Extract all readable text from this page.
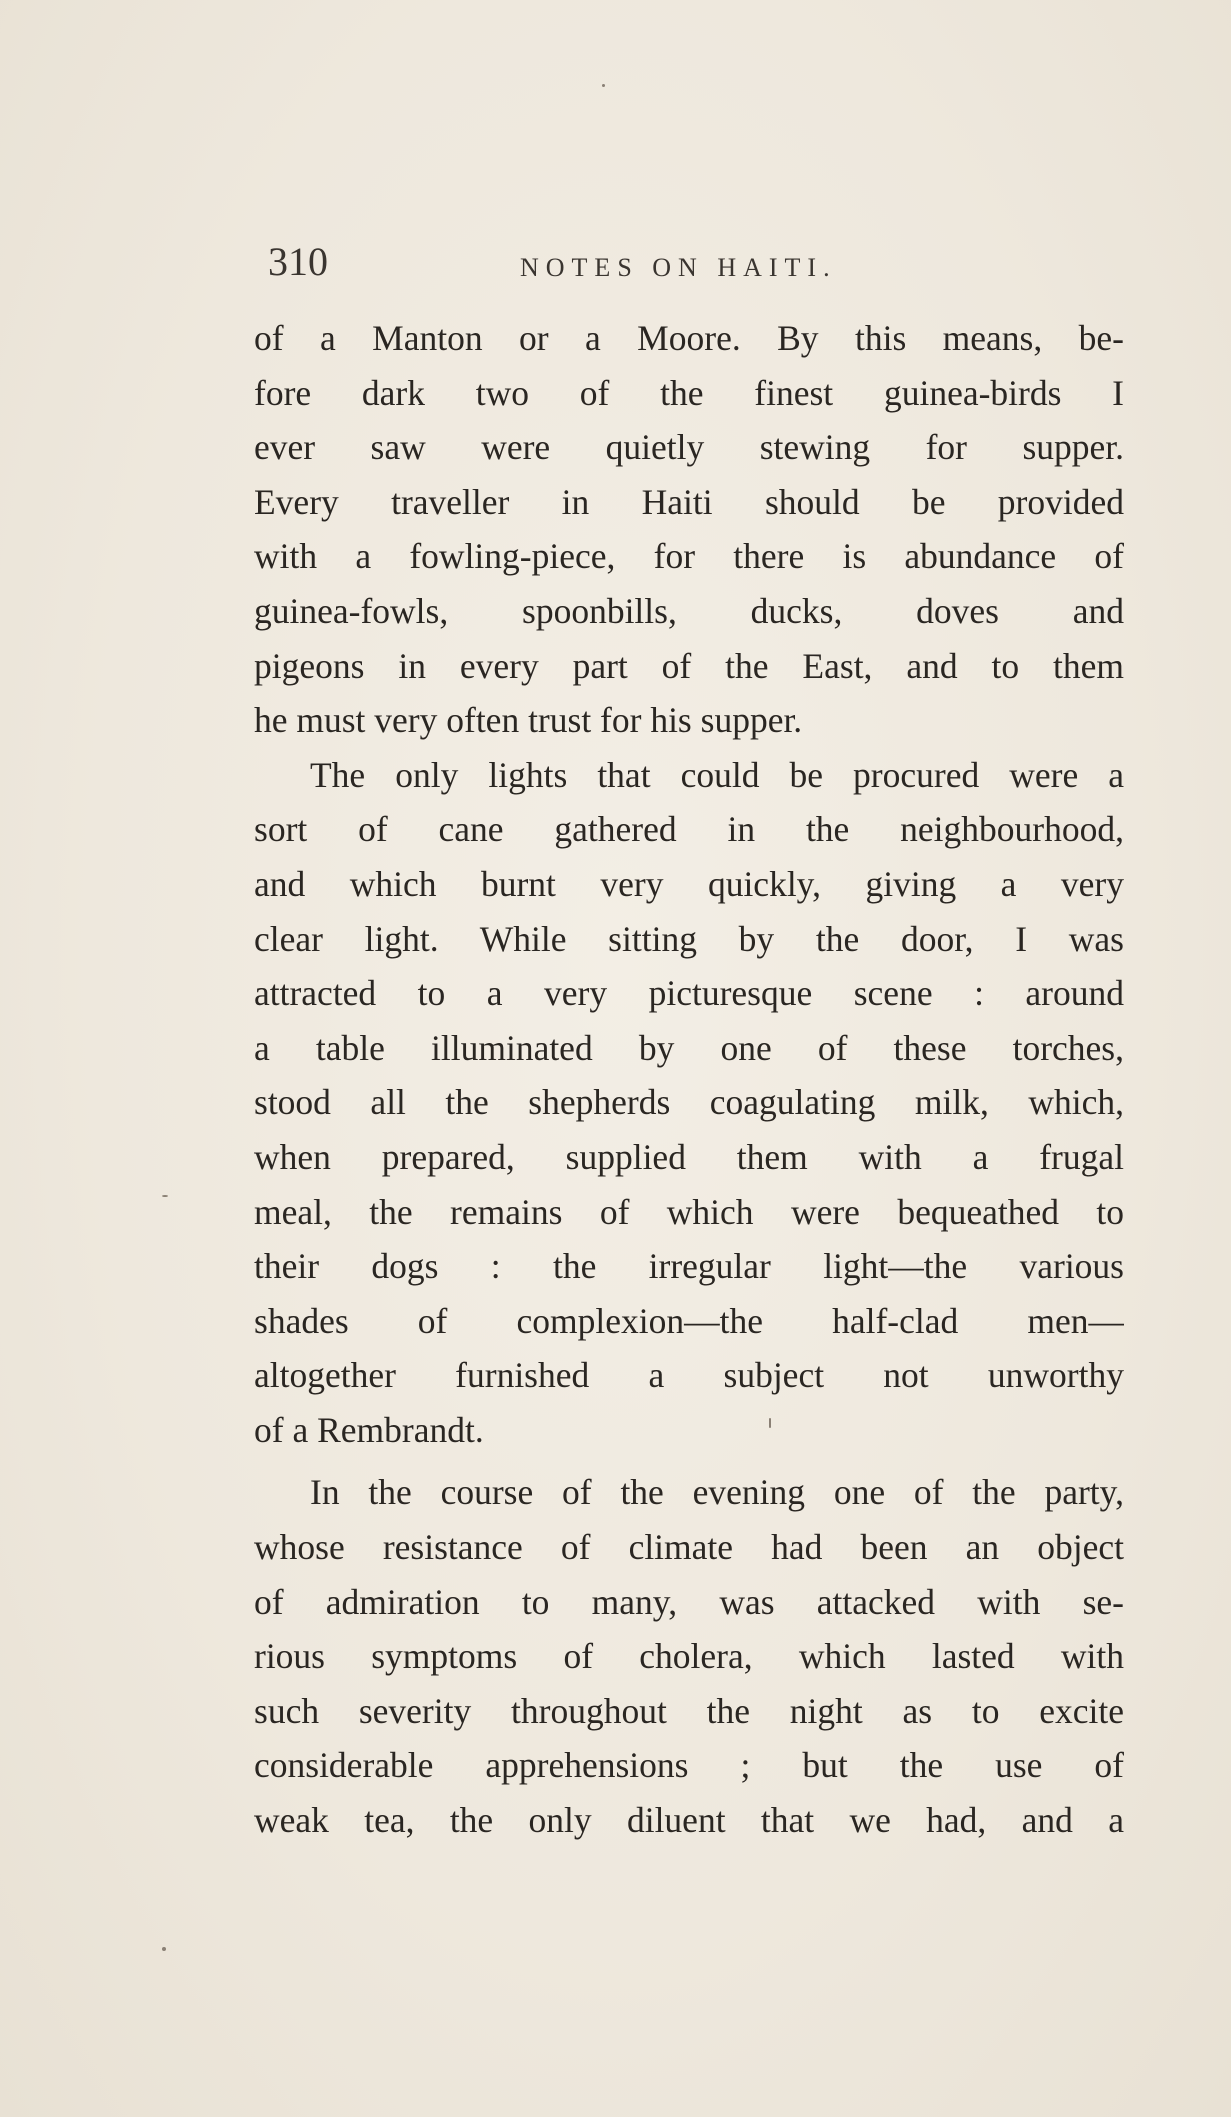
310	NOTES ON HAITI.
of a Manton or a Moore. By this means, be-
fore dark two of the finest guinea-birds I
ever saw were quietly stewing for supper.
Every traveller in Haiti should be provided
with a fowling-piece, for there is abundance of
guinea-fowls, spoonbills, ducks, doves and
pigeons in every part of the East, and to them
he must very often trust for his supper.
The only lights that could be procured were a
sort of cane gathered in the neighbourhood,
and which burnt very quickly, giving a very
clear light. While sitting by the door, I was
attracted to a very picturesque scene : around
a table illuminated by one of these torches,
stood all the shepherds coagulating milk, which,
when prepared, supplied them with a frugal
meal, the remains of which were bequeathed to
their dogs : the irregular light—the various
shades of complexion—the half-clad men—
altogether furnished a subject not unworthy
of a Rembrandt.
In the course of the evening one of the party,
whose resistance of climate had been an object
of admiration to many, was attacked with se-
rious symptoms of cholera, which lasted with
such severity throughout the night as to excite
considerable apprehensions ; but the use of
weak tea, the only diluent that we had, and a
